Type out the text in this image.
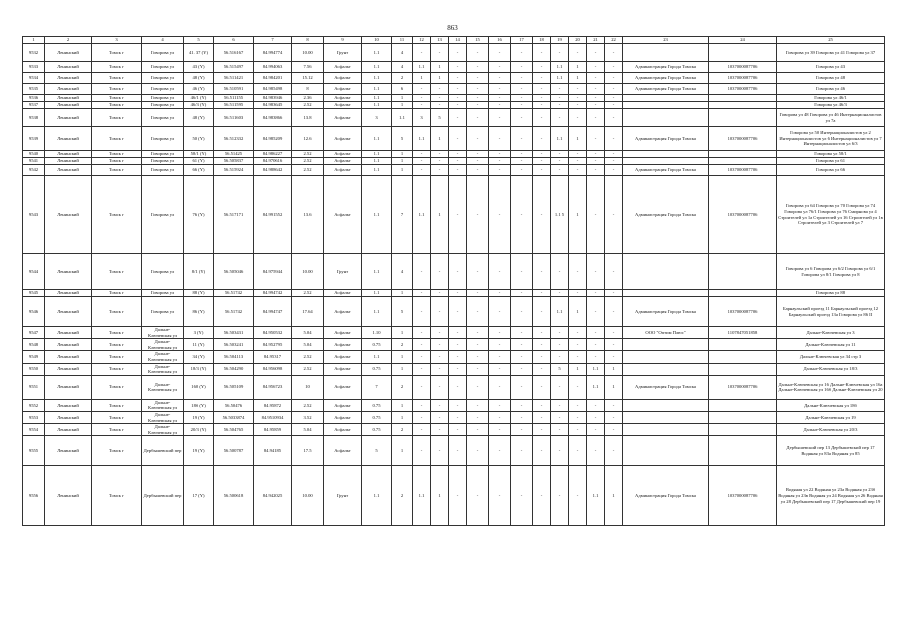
863
1	2	3	4	5	6	7	8	9	10	11	12	13	14	15	16	17	18	19	20	21	22	23	24	25
9532	Ленинский	Томск г	Говорова ул	41. 37 (Y)	56.516167	84.994774	10.00	Грунт	1.1	4	-	-	-	-	-	-	-	-	-	-	-			Говорова ул 39 Говорова ул 41 Говорова ул 37
9533	Ленинский	Томск г	Говорова ул	43 (Y)	56.515497	84.994063	7.56	Асфальт	1.1	4	1.1	1	-	-	-	-	-	1.1	1	-	-	Администрация Города Томска	1037000087706	Говорова ул 43
9534	Ленинский	Томск г	Говорова ул	48 (Y)	56.511421	84.984201	15.12	Асфальт	1.1	2	1	1	-	-	-	-	-	1.1	1	-	-	Администрация Города Томска	1037000087706	Говорова ул 48
9535	Ленинский	Томск г	Говорова ул	46 (Y)	56.510591	84.985498	8	Асфальт	1.1	6	-	-	-	-	-	-	-	-	-	-	-	Администрация Города Томска	1037000087706	Говорова ул 46
9536	Ленинский	Томск г	Говорова ул	46/1 (Y)	56.511155	84.983946	2.36	Асфальт	1.1	1	-	-	-	-	-	-	-	-	-	-	-			Говорова ул 46/1
9537	Ленинский	Томск г	Говорова ул	46/3 (Y)	56.511595	84.983645	2.52	Асфальт	1.1	1	-	-	-	-	-	-	-	-	-	-	-			Говорова ул 46/3
9538	Ленинский	Томск г	Говорова ул	48 (Y)	56.511603	84.983866	13.8	Асфальт	3	1.1	3	5	-	-	-	-	-	-	-	-	-			Говорова ул 48 Говорова ул 46 Интернационалистов ул 7а
9539	Ленинский	Томск г	Говорова ул	50 (Y)	56.512332	84.985209	12.6	Асфальт	1.1	5	1.1	1	-	-	-	-	-	1.1	1	-	-	Администрация Города Томска	1037000087706	Говорова ул 50 Интернационалистов ул 2 Интернационалистов ул 6 Интернационалистов ул 7 Интернационалистов ул 6/3
9540	Ленинский	Томск г	Говорова ул	58/1 (Y)	56.51425	84.986227	2.52	Асфальт	1.1	1	-	-	-	-	-	-	-	-	-	-	-			Говорова ул 58/1
9541	Ленинский	Томск г	Говорова ул	61 (Y)	56.505837	84.970616	2.52	Асфальт	1.1	1	-	-	-	-	-	-	-	-	-	-	-			Говорова ул 61
9542	Ленинский	Томск г	Говорова ул	66 (Y)	56.515924	84.988642	2.52	Асфальт	1.1	1	-	-	-	-	-	-	-	-	-	-	-	Администрация Города Томска	1037000087706	Говорова ул 66
9543	Ленинский	Томск г	Говорова ул	76 (Y)	56.517171	84.991552	13.6	Асфальт	1.1	7	1.1	1	-	-	-	-	-	1.1 5	1	-	-	Администрация Города Томска	1037000087706	Говорова ул 64 Говорова ул 70 Говорова ул 74 Говорова ул 76/1 Говорова ул 76 Смирнова ул 4 Строителей ул 1а Строителей ул 16 Строителей ул 1в Строителей ул 3 Строителей ул 7
9544	Ленинский	Томск г	Говорова ул	8/1 (Y)	56.505046	84.975944	10.00	Грунт	1.1	4	-	-	-	-	-	-	-	-	-	-	-			Говорова ул 6 Говорова ул 6/2 Говорова ул 6/1 Говорова ул 8/1 Говорова ул 8
9545	Ленинский	Томск г	Говорова ул	88 (Y)	56.51742	84.994742	2.52	Асфальт	1.1	1	-	-	-	-	-	-	-	-	-	-	-			Говорова ул 88
9546	Ленинский	Томск г	Говорова ул	86 (Y)	56.51742	84.994747	17.64	Асфальт	1.1	5	-	-	-	-	-	-	-	1.1	1	-	-	Администрация Города Томска	1037000087706	Барнаульский проезд 11 Барнаульский проезд 12 Барнаульский проезд 13а Говорова ул 86 II
9547	Ленинский	Томск г	Дальне-Ключевская ул	3 (Y)	56.503431	84.950532	5.04	Асфальт	1.10	1	-	-	-	-	-	-	-	-	-	-	-	ООО "Оптим Плюс"	1107847051858	Дальне-Ключевская ул 3
9548	Ленинский	Томск г	Дальне-Ключевская ул	11 (Y)	56.503241	84.952795	5.04	Асфальт	0.75	2	-	-	-	-	-	-	-	-	-	-	-			Дальне-Ключевская ул 11
9549	Ленинский	Томск г	Дальне-Ключевская ул	34 (Y)	56.504113	84.95317	2.52	Асфальт	1.1	1	-	-	-	-	-	-	-	-	-	-	-			Дальне-Ключевская ул 34 стр 3
9550	Ленинский	Томск г	Дальне-Ключевская ул	18/3 (Y)	56.504290	84.956098	2.52	Асфальт	0.75	1	-	-	-	-	-	-	-	5	1	1.1	1			Дальне-Ключевская ул 18/3
9551	Ленинский	Томск г	Дальне-Ключевская ул	160 (Y)	56.505109	84.956723	10	Асфальт	7	2	-	-	-	-	-	-	-	-	-	1.1	1	Администрация Города Томска	1037000087706	Дальне-Ключевская ул 16 Дальне-Ключевская ул 16а Дальне-Ключевская ул 16б Дальне-Ключевская ул 20
9552	Ленинский	Томск г	Дальне-Ключевская ул	18б (Y)	56.50476	84.95872	2.52	Асфальт	0.75	1	-	-	-	-	-	-	-	-	-	-	-			Дальне-Ключевская ул 18б
9553	Ленинский	Томск г	Дальне-Ключевская ул	19 (Y)	56.5033874	84.9510934	3.52	Асфальт	0.75	1	-	-	-	-	-	-	-	-	-	-	-			Дальне-Ключевская ул 19
9554	Ленинский	Томск г	Дальне-Ключевская ул	20/3 (Y)	56.504765	84.95859	5.04	Асфальт	0.75	2	-	-	-	-	-	-	-	-	-	-	-			Дальне-Ключевская ул 20/3
9555	Ленинский	Томск г	Дербышевский пер	19 (Y)	56.500787	84.94185	17.5	Асфальт	5	1	-	-	-	-	-	-	-	-	-	-	-			Дербышевский пер 13 Дербышевский пер 17 Водяная ул 83а Водяная ул 85
9556	Ленинский	Томск г	Дербышевский пер	17 (Y)	56.500618	84.942025	10.00	Грунт	1.1	2	1.1	1	-	-	-	-	-	-	-	1.1	1	Администрация Города Томска	1037000087706	Водяная ул 22 Водяная ул 23а Водяная ул 23б Водяная ул 23в Водяная ул 24 Водяная ул 26 Водяная ул 28 Дербышевский пер 17 Дербышевский пер 19
